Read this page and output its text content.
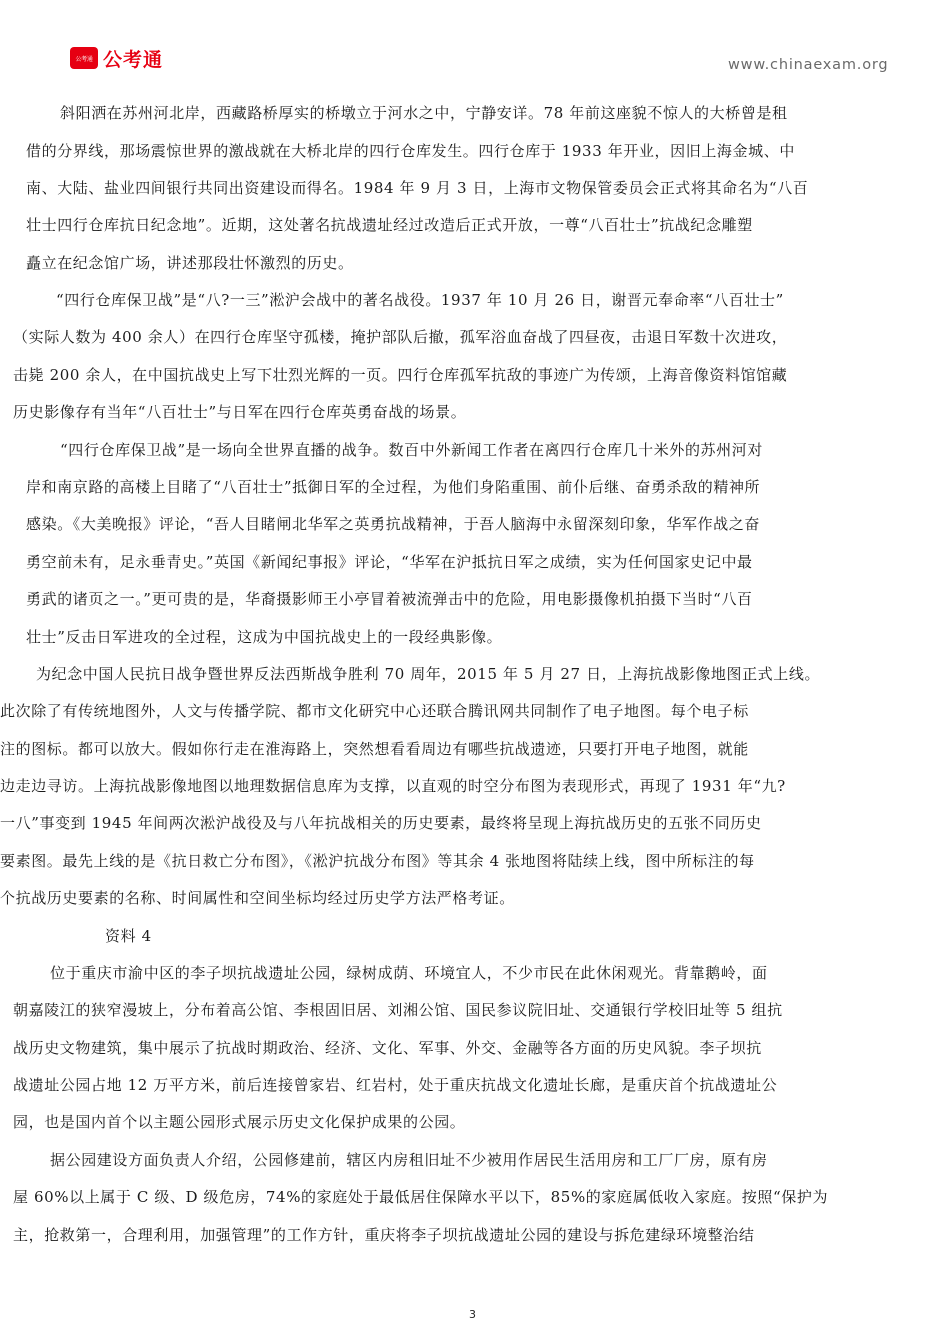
公考通 公考通	www.chinaexam.org
斜阳洒在苏州河北岸，西藏路桥厚实的桥墩立于河水之中，宁静安详。78 年前这座貌不惊人的大桥曾是租
借的分界线，那场震惊世界的激战就在大桥北岸的四行仓库发生。四行仓库于 1933 年开业，因旧上海金城、中
南、大陆、盐业四间银行共同出资建设而得名。1984 年 9 月 3 日，上海市文物保管委员会正式将其命名为“八百
壮士四行仓库抗日纪念地”。近期，这处著名抗战遗址经过改造后正式开放，一尊“八百壮士”抗战纪念雕塑
矗立在纪念馆广场，讲述那段壮怀激烈的历史。
“四行仓库保卫战”是“八?一三”淞沪会战中的著名战役。1937 年 10 月 26 日，谢晋元奉命率“八百壮士”
（实际人数为 400 余人）在四行仓库坚守孤楼，掩护部队后撤，孤军浴血奋战了四昼夜，击退日军数十次进攻，
击毙 200 余人，在中国抗战史上写下壮烈光辉的一页。四行仓库孤军抗敌的事迹广为传颂，上海音像资料馆馆藏
历史影像存有当年“八百壮士”与日军在四行仓库英勇奋战的场景。
“四行仓库保卫战”是一场向全世界直播的战争。数百中外新闻工作者在离四行仓库几十米外的苏州河对
岸和南京路的高楼上目睹了“八百壮士”抵御日军的全过程，为他们身陷重围、前仆后继、奋勇杀敌的精神所
感染。《大美晚报》评论，“吾人目睹闸北华军之英勇抗战精神，于吾人脑海中永留深刻印象，华军作战之奋
勇空前未有，足永垂青史。”英国《新闻纪事报》评论，“华军在沪抵抗日军之成绩，实为任何国家史记中最
勇武的诸页之一。”更可贵的是，华裔摄影师王小亭冒着被流弹击中的危险，用电影摄像机拍摄下当时“八百
壮士”反击日军进攻的全过程，这成为中国抗战史上的一段经典影像。
为纪念中国人民抗日战争暨世界反法西斯战争胜利 70 周年，2015 年 5 月 27 日，上海抗战影像地图正式上线。
此次除了有传统地图外，人文与传播学院、都市文化研究中心还联合腾讯网共同制作了电子地图。每个电子标
注的图标。都可以放大。假如你行走在淮海路上，突然想看看周边有哪些抗战遗迹，只要打开电子地图，就能
边走边寻访。上海抗战影像地图以地理数据信息库为支撑，以直观的时空分布图为表现形式，再现了 1931 年“九?
一八”事变到 1945 年间两次淞沪战役及与八年抗战相关的历史要素，最终将呈现上海抗战历史的五张不同历史
要素图。最先上线的是《抗日救亡分布图》，《淞沪抗战分布图》等其余 4 张地图将陆续上线，图中所标注的每
个抗战历史要素的名称、时间属性和空间坐标均经过历史学方法严格考证。
资料 4
位于重庆市渝中区的李子坝抗战遗址公园，绿树成荫、环境宜人，不少市民在此休闲观光。背靠鹅岭，面
朝嘉陵江的狭窄漫坡上，分布着高公馆、李根固旧居、刘湘公馆、国民参议院旧址、交通银行学校旧址等 5 组抗
战历史文物建筑，集中展示了抗战时期政治、经济、文化、军事、外交、金融等各方面的历史风貌。李子坝抗
战遗址公园占地 12 万平方米，前后连接曾家岩、红岩村，处于重庆抗战文化遗址长廊，是重庆首个抗战遗址公
园，也是国内首个以主题公园形式展示历史文化保护成果的公园。
据公园建设方面负责人介绍，公园修建前，辖区内房租旧址不少被用作居民生活用房和工厂厂房，原有房
屋 60%以上属于 C 级、D 级危房，74%的家庭处于最低居住保障水平以下，85%的家庭属低收入家庭。按照“保护为
主，抢救第一，合理利用，加强管理”的工作方针，重庆将李子坝抗战遗址公园的建设与拆危建绿环境整治结
3
